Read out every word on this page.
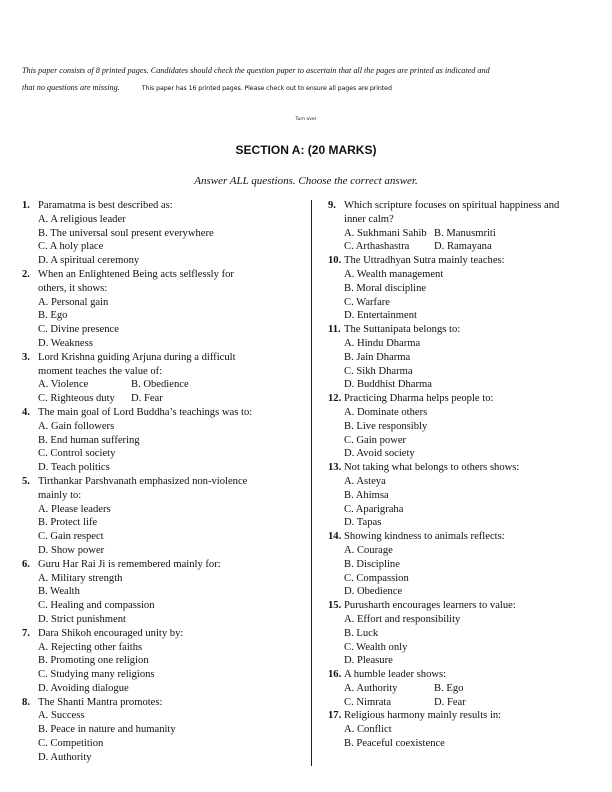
This paper consists of 8 printed pages. Candidates should check the question paper to ascertain that all the pages are printed as indicated and
that no questions are missing.	This paper has 16 printed pages. Please check out to ensure all pages are printed
Turn over
SECTION A: (20 MARKS)
Answer ALL questions. Choose the correct answer.
1. Paramatma is best described as:
A. A religious leader
B. The universal soul present everywhere
C. A holy place
D. A spiritual ceremony
2. When an Enlightened Being acts selflessly for
others, it shows:
A. Personal gain
B. Ego
C. Divine presence
D. Weakness
3. Lord Krishna guiding Arjuna during a difficult
moment teaches the value of:
A. Violence	B. Obedience
C. Righteous duty	D. Fear
4. The main goal of Lord Buddha’s teachings was to:
A. Gain followers
B. End human suffering
C. Control society
D. Teach politics
5. Tirthankar Parshvanath emphasized non-violence
mainly to:
A. Please leaders
B. Protect life
C. Gain respect
D. Show power
6. Guru Har Rai Ji is remembered mainly for:
A. Military strength
B. Wealth
C. Healing and compassion
D. Strict punishment
7. Dara Shikoh encouraged unity by:
A. Rejecting other faiths
B. Promoting one religion
C. Studying many religions
D. Avoiding dialogue
8. The Shanti Mantra promotes:
A. Success
B. Peace in nature and humanity
C. Competition
D. Authority
9. Which scripture focuses on spiritual happiness and
inner calm?
A. Sukhmani Sahib B. Manusmriti
C. Arthashastra	D. Ramayana
10. The Uttradhyan Sutra mainly teaches:
A. Wealth management
B. Moral discipline
C. Warfare
D. Entertainment
11. The Suttanipata belongs to:
A. Hindu Dharma
B. Jain Dharma
C. Sikh Dharma
D. Buddhist Dharma
12. Practicing Dharma helps people to:
A. Dominate others
B. Live responsibly
C. Gain power
D. Avoid society
13. Not taking what belongs to others shows:
A. Asteya
B. Ahimsa
C. Aparigraha
D. Tapas
14. Showing kindness to animals reflects:
A. Courage
B. Discipline
C. Compassion
D. Obedience
15. Purusharth encourages learners to value:
A. Effort and responsibility
B. Luck
C. Wealth only
D. Pleasure
16. A humble leader shows:
A. Authority	B. Ego
C. Nimrata	D. Fear
17. Religious harmony mainly results in:
A. Conflict
B. Peaceful coexistence
